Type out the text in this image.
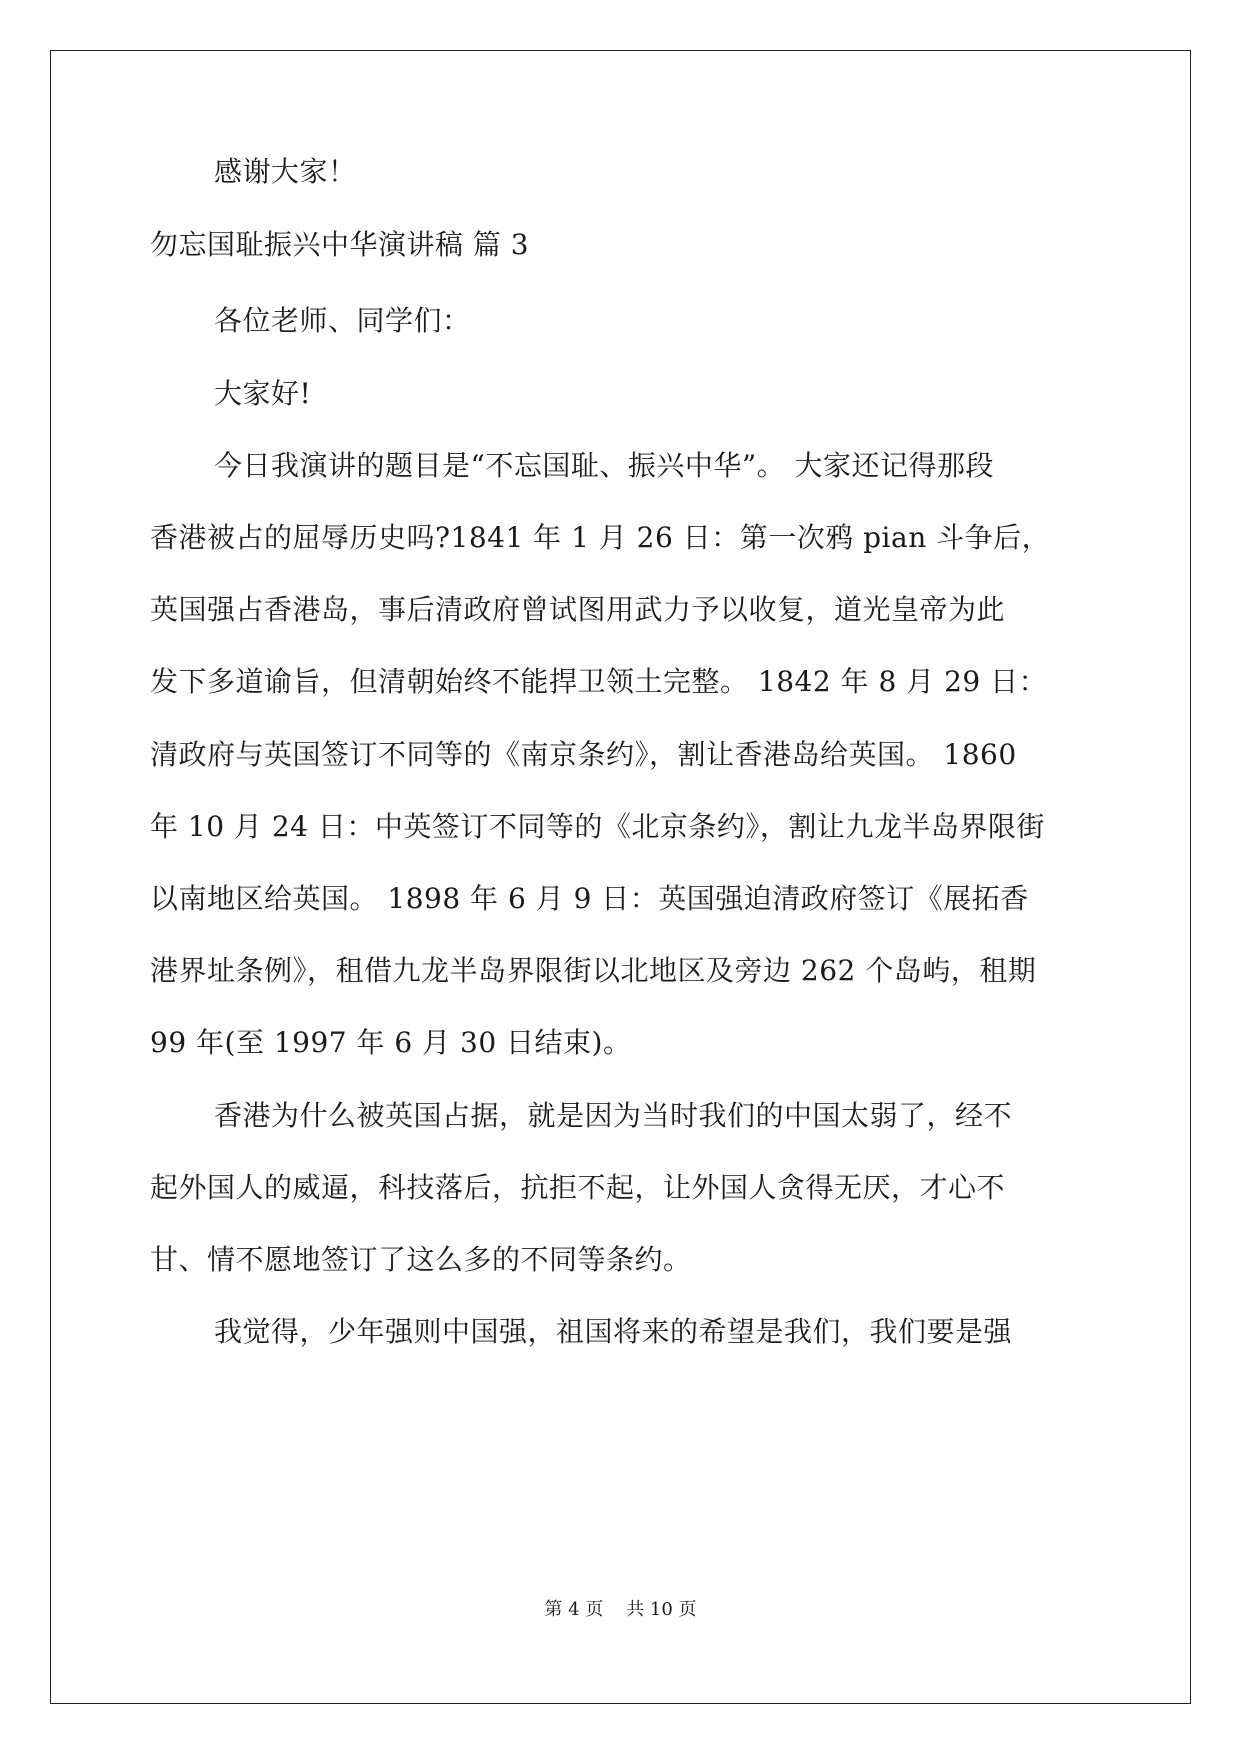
感谢大家！
勿忘国耻振兴中华演讲稿 篇 3
各位老师、同学们：
大家好!
今日我演讲的题目是“不忘国耻、振兴中华”。 大家还记得那段
香港被占的屈辱历史吗?1841 年 1 月 26 日：第一次鸦 pian 斗争后，
英国强占香港岛，事后清政府曾试图用武力予以收复，道光皇帝为此
发下多道谕旨，但清朝始终不能捍卫领土完整。 1842 年 8 月 29 日：
清政府与英国签订不同等的《南京条约》，割让香港岛给英国。 1860
年 10 月 24 日：中英签订不同等的《北京条约》，割让九龙半岛界限街
以南地区给英国。 1898 年 6 月 9 日：英国强迫清政府签订《展拓香
港界址条例》，租借九龙半岛界限街以北地区及旁边 262 个岛屿，租期
99 年(至 1997 年 6 月 30 日结束)。
香港为什么被英国占据，就是因为当时我们的中国太弱了，经不
起外国人的威逼，科技落后，抗拒不起，让外国人贪得无厌，才心不
甘、情不愿地签订了这么多的不同等条约。
我觉得，少年强则中国强，祖国将来的希望是我们，我们要是强
第 4 页    共 10 页
